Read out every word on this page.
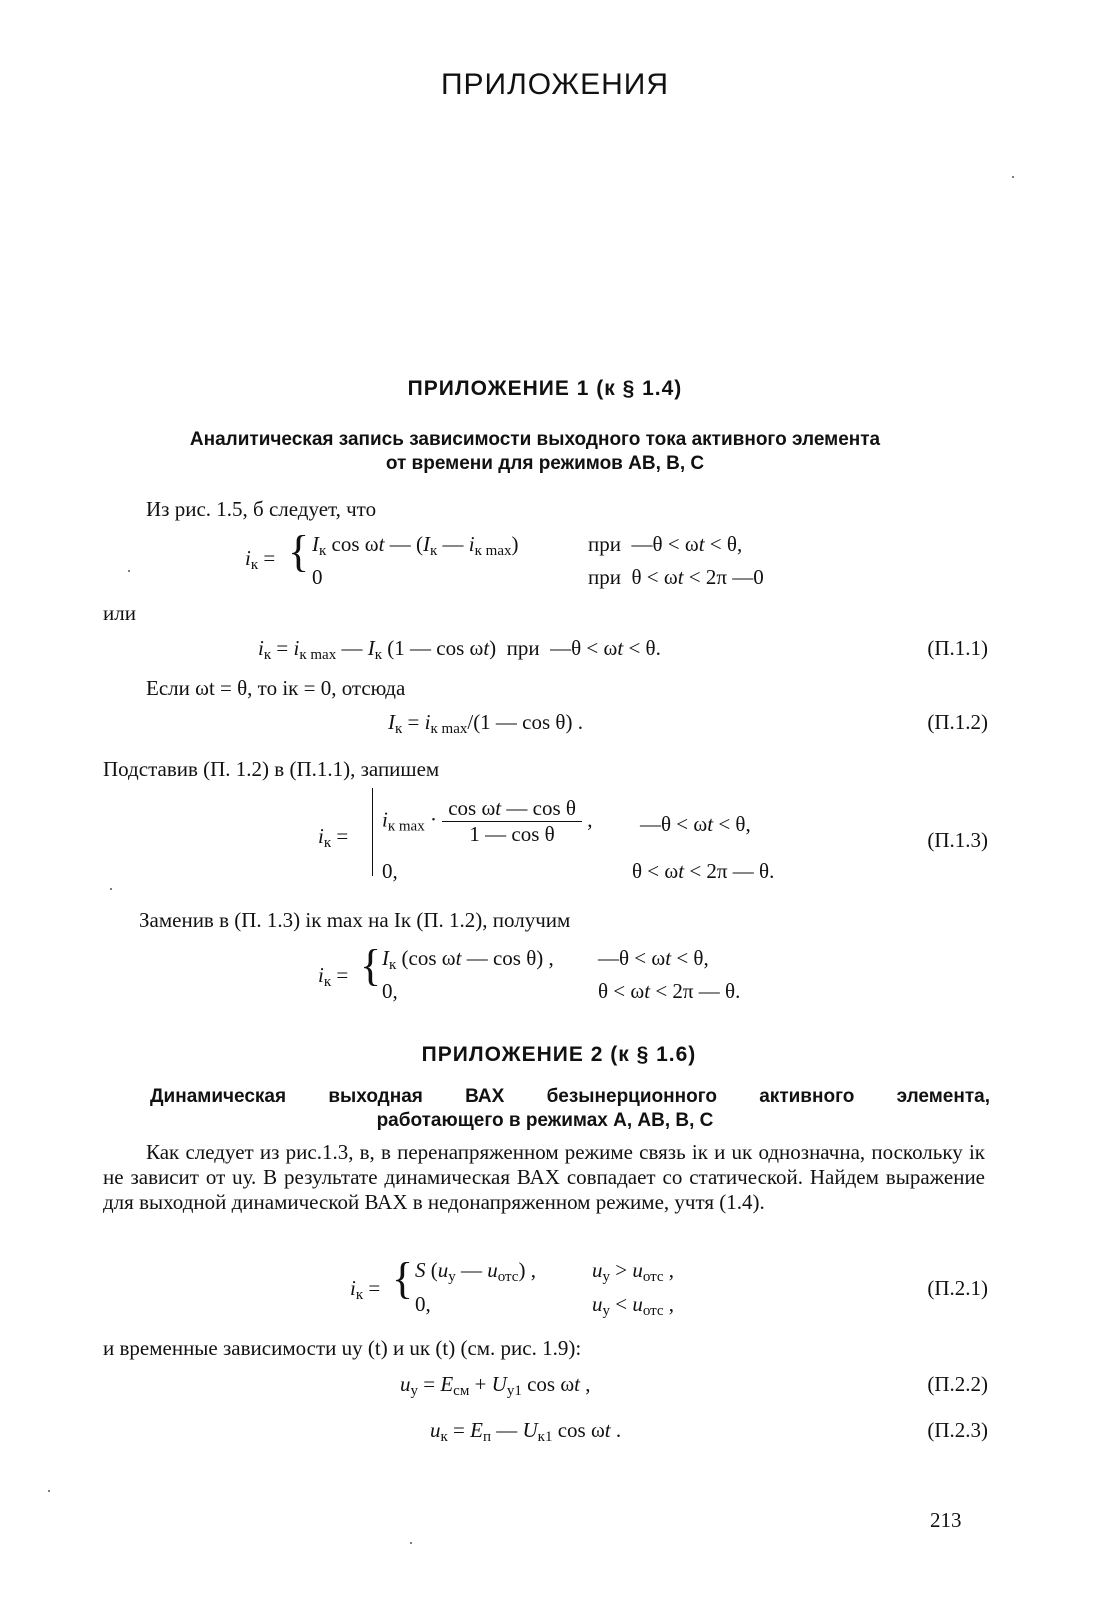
ПРИЛОЖЕНИЯ
ПРИЛОЖЕНИЕ 1 (к § 1.4)
Аналитическая запись зависимости выходного тока активного элемента
от времени для режимов АВ, В, С
Из рис. 1.5, б следует, что
$i_к$ = { $I_к$ cos ωt — ($I_к$ — $i_{к max}$)	при  —θ < ωt < θ,
0	при  θ < ωt < 2π —0
или
$i_к = i_{к max}$ — $I_к$ (1 — cos ωt)  при  —θ < ωt < θ.	(П.1.1)
Если ωt = θ, то iк = 0, отсюда
$I_к = i_{к max}/(1$ — cos θ) .	(П.1.2)
Подставив (П. 1.2) в (П.1.1), запишем
$i_к$ =
$i_{к max} \cdot \frac{\text{cos ωt — cos θ}}{\text{1 — cos θ}}$ , —θ < ωt < θ,
0,	θ < ωt < 2π — θ.
(П.1.3)
Заменив в (П. 1.3) iк max на Iк (П. 1.2), получим
$i_к$ = { $I_к$ (cos ωt — cos θ) , —θ < ωt < θ,
0,	θ < ωt < 2π — θ.
ПРИЛОЖЕНИЕ 2 (к § 1.6)
Динамическая выходная ВАХ безынерционного активного элемента,
работающего в режимах А, АВ, В, С
Как следует из рис.1.3, в, в перенапряженном режиме связь iк и uк однозначна, поскольку iк не зависит от uу. В результате динамическая ВАХ совпадает со статической. Найдем выражение для выходной динамической ВАХ в недонапряженном режиме, учтя (1.4).
$i_к$ = { S ($u_у$ — $u_{отс}$) ,	$u_у > u_{отс}$ ,
0,	$u_у < u_{отс}$ ,
(П.2.1)
и временные зависимости uу (t) и uк (t) (см. рис. 1.9):
$u_у = E_{см} + U_{у1}$ cos ωt ,	(П.2.2)
$u_к = E_п$ — $U_{к1}$ cos ωt .	(П.2.3)
213
